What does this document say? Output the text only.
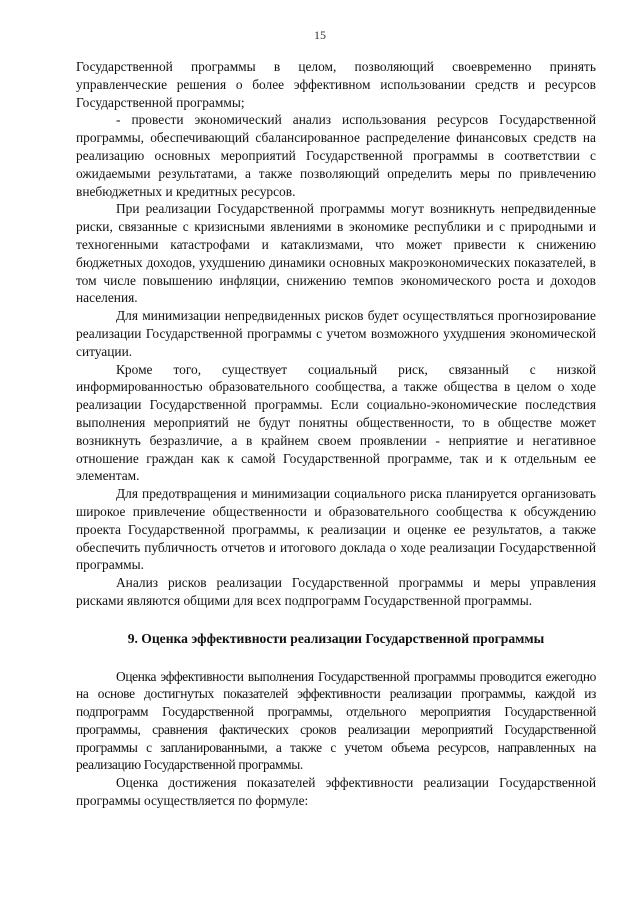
15

Государственной программы в целом, позволяющий своевременно принять управленческие решения о более эффективном использовании средств и ресурсов Государственной программы;

- провести экономический анализ использования ресурсов Государственной программы, обеспечивающий сбалансированное распределение финансовых средств на реализацию основных мероприятий Государственной программы в соответствии с ожидаемыми результатами, а также позволяющий определить меры по привлечению внебюджетных и кредитных ресурсов.

При реализации Государственной программы могут возникнуть непредвиденные риски, связанные с кризисными явлениями в экономике республики и с природными и техногенными катастрофами и катаклизмами, что может привести к снижению бюджетных доходов, ухудшению динамики основных макроэкономических показателей, в том числе повышению инфляции, снижению темпов экономического роста и доходов населения.

Для минимизации непредвиденных рисков будет осуществляться прогнозирование реализации Государственной программы с учетом возможного ухудшения экономической ситуации.

Кроме того, существует социальный риск, связанный с низкой информированностью образовательного сообщества, а также общества в целом о ходе реализации Государственной программы. Если социально-экономические последствия выполнения мероприятий не будут понятны общественности, то в обществе может возникнуть безразличие, а в крайнем своем проявлении - неприятие и негативное отношение граждан как к самой Государственной программе, так и к отдельным ее элементам.

Для предотвращения и минимизации социального риска планируется организовать широкое привлечение общественности и образовательного сообщества к обсуждению проекта Государственной программы, к реализации и оценке ее результатов, а также обеспечить публичность отчетов и итогового доклада о ходе реализации Государственной программы.

Анализ рисков реализации Государственной программы и меры управления рисками являются общими для всех подпрограмм Государственной программы.

9. Оценка эффективности реализации Государственной программы

Оценка эффективности выполнения Государственной программы проводится ежегодно на основе достигнутых показателей эффективности реализации программы, каждой из подпрограмм Государственной программы, отдельного мероприятия Государственной программы, сравнения фактических сроков реализации мероприятий Государственной программы с запланированными, а также с учетом объема ресурсов, направленных на реализацию Государственной программы.

Оценка достижения показателей эффективности реализации Государственной программы осуществляется по формуле:
